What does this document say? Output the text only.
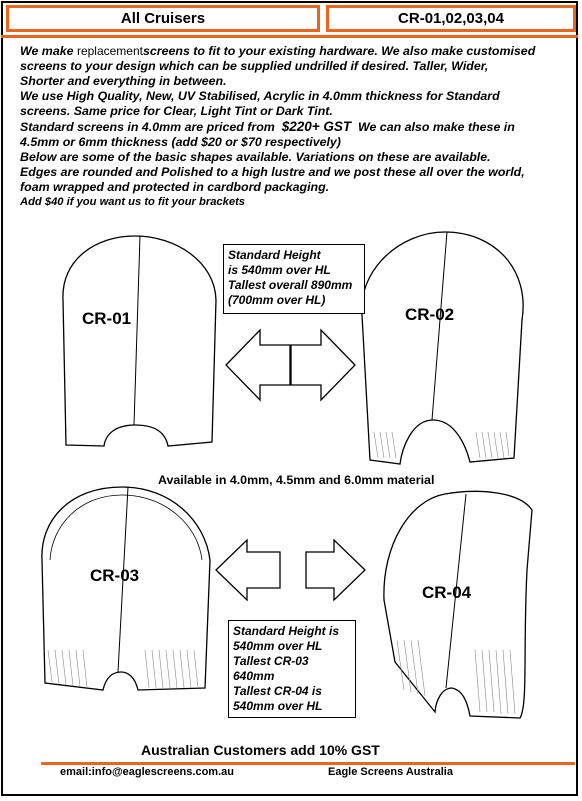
All Cruisers	CR-01,02,03,04
We make replacementscreens to fit to your existing hardware. We also make customised
screens to your design which can be supplied undrilled if desired. Taller, Wider,
Shorter and everything in between.
We use High Quality, New, UV Stabilised, Acrylic in 4.0mm thickness for Standard
screens. Same price for Clear, Light Tint or Dark Tint.
Standard screens in 4.0mm are priced from $220+ GST We can also make these in
4.5mm or 6mm thickness (add $20 or $70 respectively)
Below are some of the basic shapes available. Variations on these are available.
Edges are rounded and Polished to a high lustre and we post these all over the world,
foam wrapped and protected in cardbord packaging.
Add $40 if you want us to fit your brackets
Standard Height
is 540mm over HL
Tallest overall 890mm
(700mm over HL)
Standard Height is
540mm over HL
Tallest CR-03
640mm
Tallest CR-04 is
540mm over HL
CR-01	CR-02
CR-03
CR-04
Available in 4.0mm, 4.5mm and 6.0mm material
Australian Customers add 10% GST
email:info@eaglescreens.com.au	Eagle Screens Australia
